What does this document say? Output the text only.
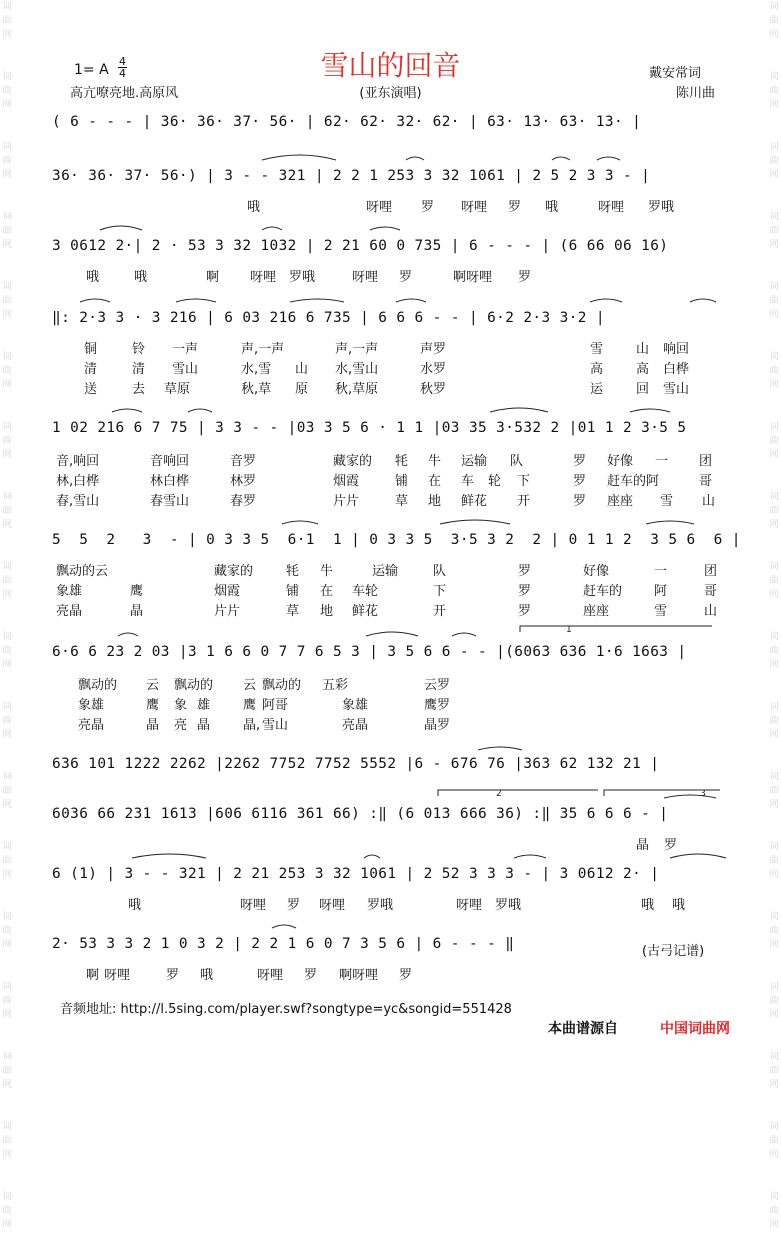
词
曲
网

词
曲
网

词
曲
网

词
曲
网

词
曲
网

词
曲
网

词
曲
网

词
曲
网

词
曲
网

词
曲
网

词
曲
网

词
曲
网

词
曲
网

词
曲
网

词
曲
网

词
曲
网

词
曲
网

词
曲
网

词
曲
网

词
曲
网

词
曲
网

词
曲
网

词
曲
网

词
曲
网

词
曲
网

词
曲
网

词
曲
网

词
曲
网

词
曲
网

词
曲
网

词
曲
网

词
曲
网

词
曲
网

词
曲
网

词
曲
网

词
曲
网

1= A
4
4
高亢嘹亮地.高原风
雪山的回音
(亚东演唱)
戴安常词
陈川曲
( 6 - - - | 36· 36· 37· 56· | 62· 62· 32· 62· | 63· 13· 63· 13· |
36· 36· 37· 56·) | 3 - - 321 | 2 2 1 253 3 32 1061 | 2 5 2 3 3 - |
3 0612 2·| 2 · 53 3 32 1032 | 2 21 60 0 735 | 6 - - - | (6 66 06 16)
‖: 2·3 3 · 3 216 | 6 03 216 6 735 | 6 6 6 - - | 6·2 2·3 3·2 |
1 02 216 6 7 75 | 3 3 - - |03 3 5 6 · 1 1 |03 35 3·532 2 |01 1 2 3·5 5
5  5  2   3  - | 0 3 3 5  6·1  1 | 0 3 3 5  3·5 3 2  2 | 0 1 1 2  3 5 6  6 |
6·6 6 23 2 03 |3 1 6 6 0 7 7 6 5 3 | 3 5 6 6 - - |(6063 636 1·6 1663 |
636 101 1222 2262 |2262 7752 7752 5552 |6 - 676 76 |363 62 132 21 |
6036 66 231 1613 |606 6116 361 66) :‖ (6 013 666 36) :‖ 35 6 6 6 - |
6 (1) | 3 - - 321 | 2 21 253 3 32 1061 | 2 52 3 3 3 - | 3 0612 2· |
2· 53 3 3 2 1 0 3 2 | 2 2 1 6 0 7 3 5 6 | 6 - - - ‖	(古弓记谱)
音频地址: http://l.5sing.com/player.swf?songtype=yc&songid=551428
本曲谱源自	中国词曲网
1
2	3
哦	呀哩 罗 呀哩 罗 哦	呀哩 罗哦
哦	哦	啊 呀哩 罗哦	呀哩 罗	啊呀哩 罗
铜	铃 一声	声,一声	声,一声	声罗	雪	山 响回
清	清 雪山	水,雪 山 水,雪山	水罗	高	高 白桦
送	去 草原	秋,草 原 秋,草原	秋罗	运	回 雪山
音,响回	音响回	音罗	藏家的 牦 牛 运输 队	罗 好像 一 团
林,白桦	林白桦	林罗	烟霞	铺 在 车 轮 下	罗 赶车的阿	哥
春,雪山	春雪山	春罗	片片	草 地 鲜花 开	罗 座座 雪 山
飘动的云	藏家的	牦 牛	运输	队	罗	好像	一	团
象雄	鹰	烟霞	铺 在 车轮	下	罗	赶车的 阿	哥
亮晶	晶	片片	草 地 鲜花	开	罗	座座	雪	山
飘动的 云 飘动的 云 飘动的 五彩	云罗
象雄	鹰 象 雄	鹰 阿哥	象雄	鹰罗
亮晶	晶 亮 晶	晶, 雪山	亮晶	晶罗
晶 罗
哦	呀哩 罗 呀哩 罗哦	呀哩 罗哦	哦 哦
啊 呀哩	罗 哦	呀哩 罗 啊呀哩 罗
